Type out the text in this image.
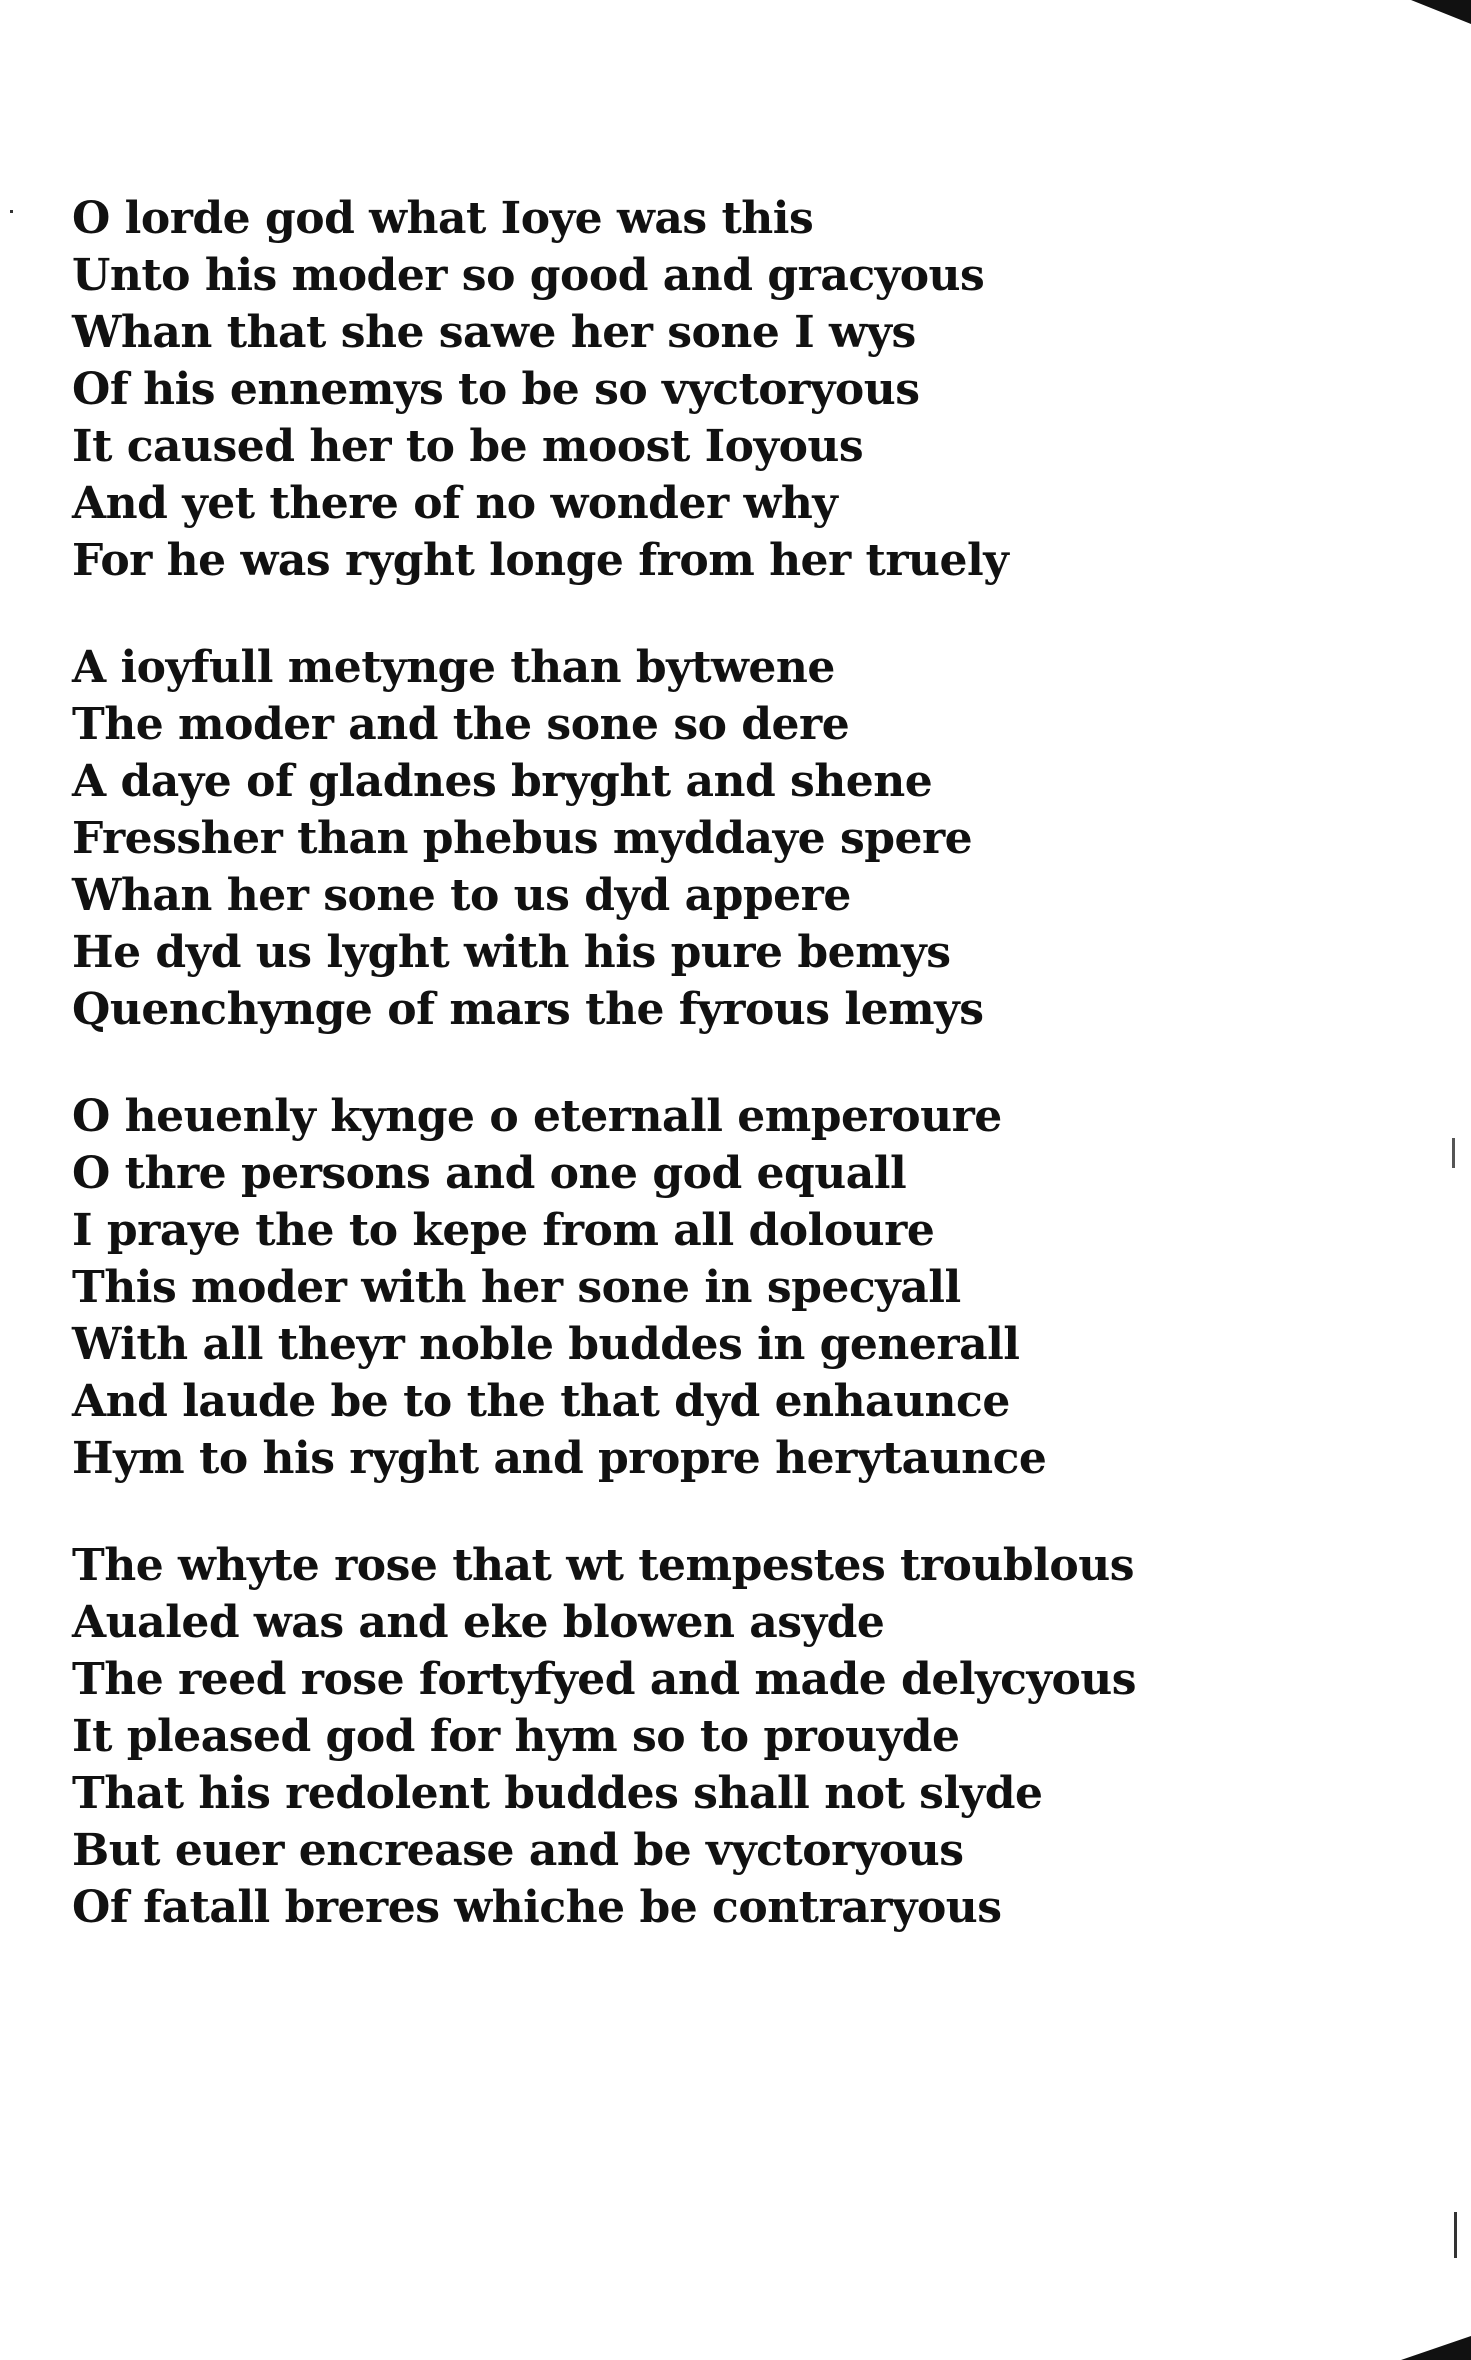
O lorde god what Ioye was this
Unto his moder so good and gracyous
Whan that she sawe her sone I wys
Of his ennemys to be so vyctoryous
It caused her to be moost Ioyous
And yet there of no wonder why
For he was ryght longe from her truely
A ioyfull metynge than bytwene
The moder and the sone so dere
A daye of gladnes bryght and shene
Fressher than phebus myddaye spere
Whan her sone to us dyd appere
He dyd us lyght with his pure bemys
Quenchynge of mars the fyrous lemys
O heuenly kynge o eternall emperoure
O thre persons and one god equall
I praye the to kepe from all doloure
This moder with her sone in specyall
With all theyr noble buddes in generall
And laude be to the that dyd enhaunce
Hym to his ryght and propre herytaunce
The whyte rose that wt tempestes troublous
Aualed was and eke blowen asyde
The reed rose fortyfyed and made delycyous
It pleased god for hym so to prouyde
That his redolent buddes shall not slyde
But euer encrease and be vyctoryous
Of fatall breres whiche be contraryous
